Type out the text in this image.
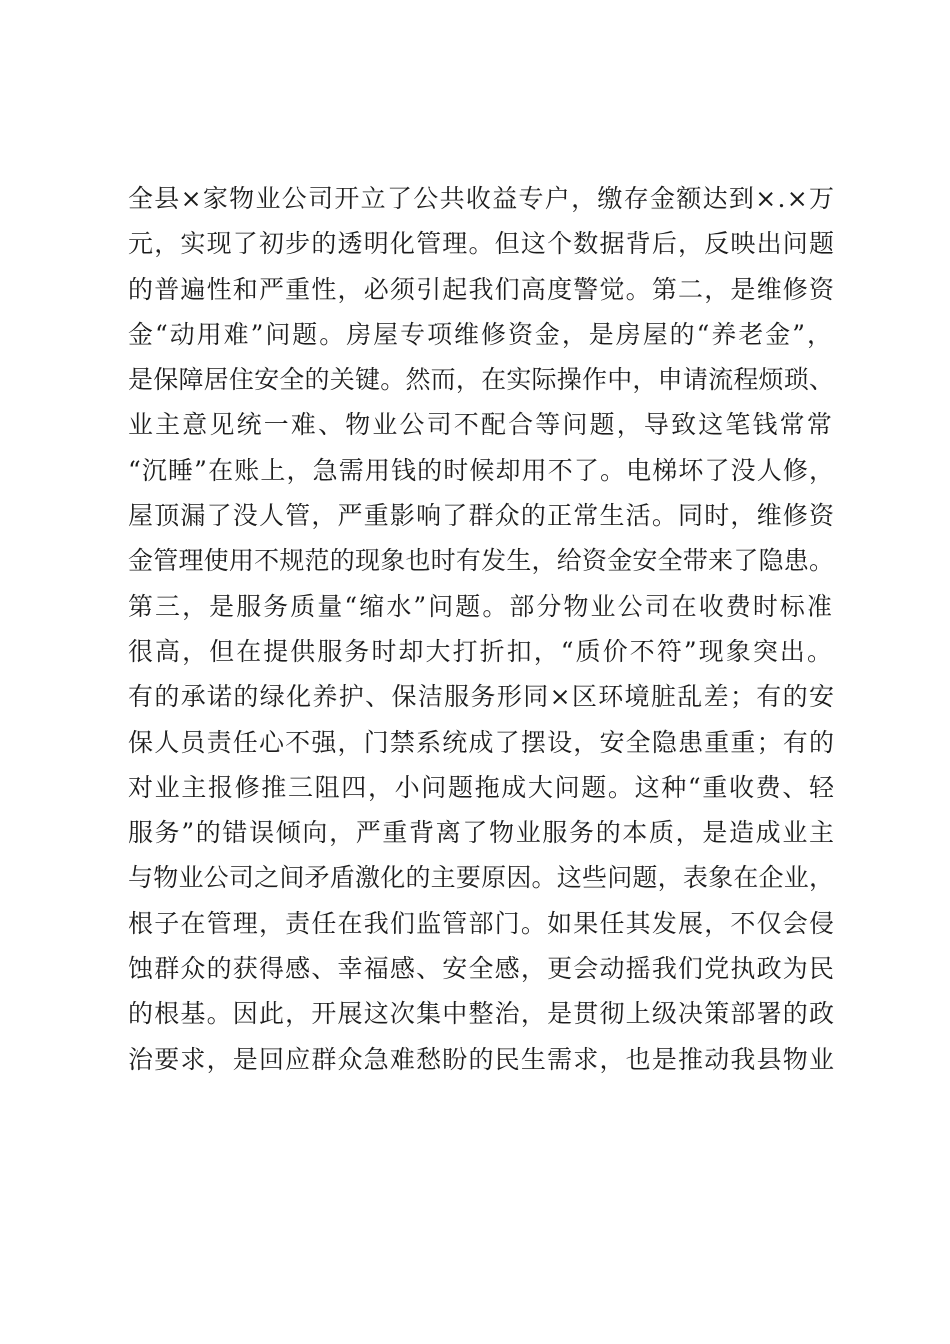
全县×家物业公司开立了公共收益专户，缴存金额达到×.×万
元，实现了初步的透明化管理。但这个数据背后，反映出问题
的普遍性和严重性，必须引起我们高度警觉。第二，是维修资
金“动用难”问题。房屋专项维修资金，是房屋的“养老金”，
是保障居住安全的关键。然而，在实际操作中，申请流程烦琐、
业主意见统一难、物业公司不配合等问题，导致这笔钱常常
“沉睡”在账上，急需用钱的时候却用不了。电梯坏了没人修，
屋顶漏了没人管，严重影响了群众的正常生活。同时，维修资
金管理使用不规范的现象也时有发生，给资金安全带来了隐患。
第三，是服务质量“缩水”问题。部分物业公司在收费时标准
很高，但在提供服务时却大打折扣，“质价不符”现象突出。
有的承诺的绿化养护、保洁服务形同×区环境脏乱差；有的安
保人员责任心不强，门禁系统成了摆设，安全隐患重重；有的
对业主报修推三阻四，小问题拖成大问题。这种“重收费、轻
服务”的错误倾向，严重背离了物业服务的本质，是造成业主
与物业公司之间矛盾激化的主要原因。这些问题，表象在企业，
根子在管理，责任在我们监管部门。如果任其发展，不仅会侵
蚀群众的获得感、幸福感、安全感，更会动摇我们党执政为民
的根基。因此，开展这次集中整治，是贯彻上级决策部署的政
治要求，是回应群众急难愁盼的民生需求，也是推动我县物业
